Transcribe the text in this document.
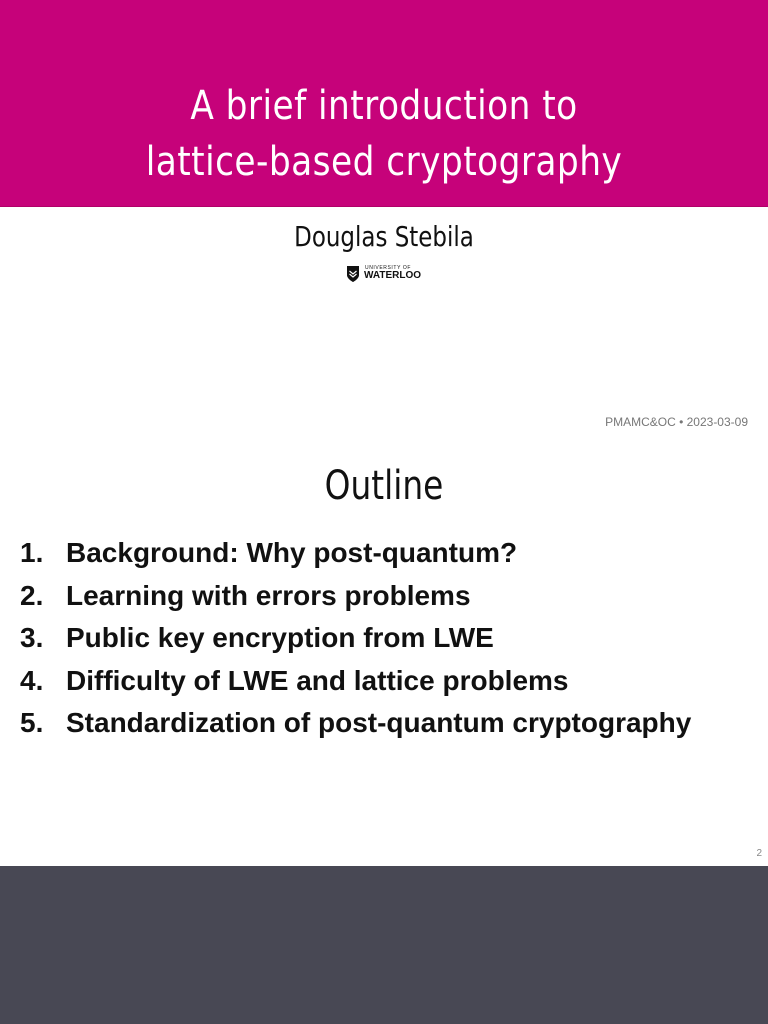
A brief introduction to
lattice-based cryptography
Douglas Stebila
UNIVERSITY OF
WATERLOO
PMAMC&OC • 2023-03-09
Outline
1. Background: Why post-quantum?
2. Learning with errors problems
3. Public key encryption from LWE
4. Difficulty of LWE and lattice problems
5. Standardization of post-quantum cryptography
2
